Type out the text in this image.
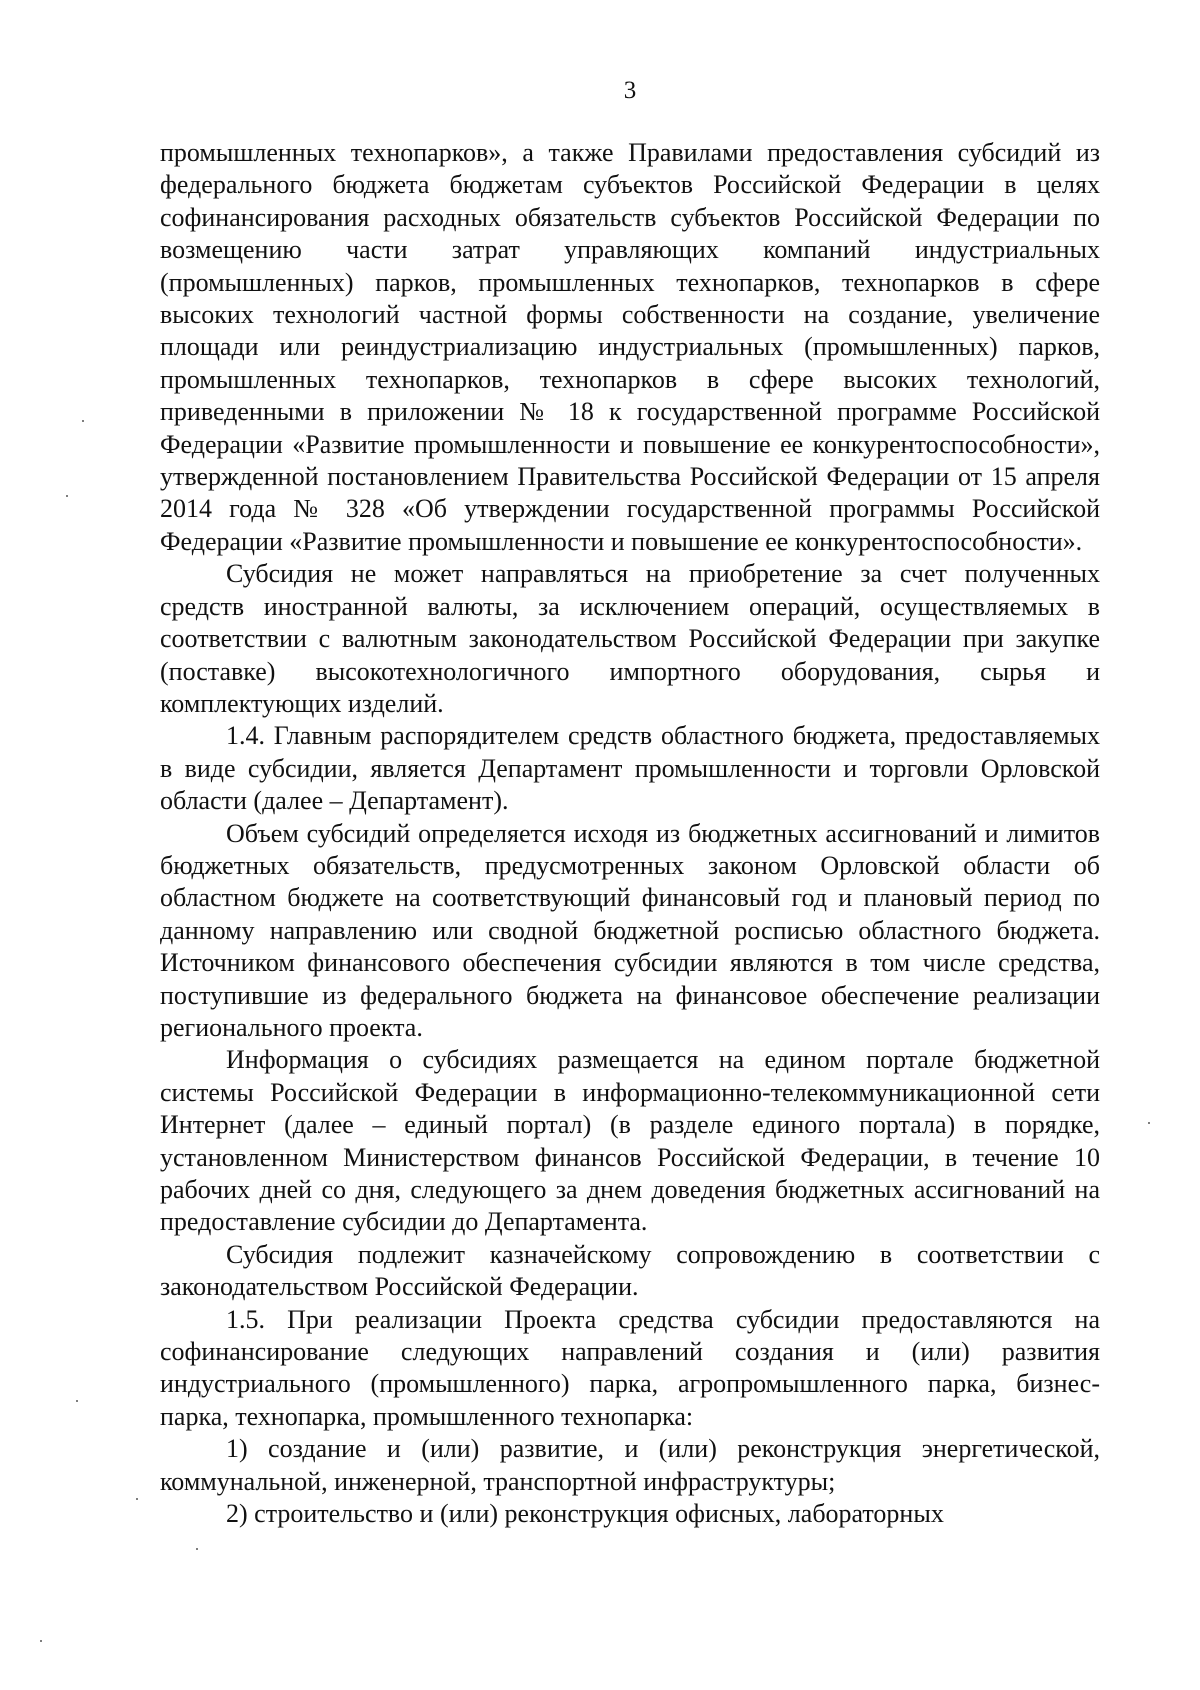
3

промышленных технопарков», а также Правилами предоставления субсидий из федерального бюджета бюджетам субъектов Российской Федерации в целях софинансирования расходных обязательств субъектов Российской Федерации по возмещению части затрат управляющих компаний индустриальных (промышленных) парков, промышленных технопарков, технопарков в сфере высоких технологий частной формы собственности на создание, увеличение площади или реиндустриализацию индустриальных (промышленных) парков, промышленных технопарков, технопарков в сфере высоких технологий, приведенными в приложении № 18 к государственной программе Российской Федерации «Развитие промышленности и повышение ее конкурентоспособности», утвержденной постановлением Правительства Российской Федерации от 15 апреля 2014 года № 328 «Об утверждении государственной программы Российской Федерации «Развитие промышленности и повышение ее конкурентоспособности».

Субсидия не может направляться на приобретение за счет полученных средств иностранной валюты, за исключением операций, осуществляемых в соответствии с валютным законодательством Российской Федерации при закупке (поставке) высокотехнологичного импортного оборудования, сырья и комплектующих изделий.

1.4. Главным распорядителем средств областного бюджета, предоставляемых в виде субсидии, является Департамент промышленности и торговли Орловской области (далее – Департамент).

Объем субсидий определяется исходя из бюджетных ассигнований и лимитов бюджетных обязательств, предусмотренных законом Орловской области об областном бюджете на соответствующий финансовый год и плановый период по данному направлению или сводной бюджетной росписью областного бюджета. Источником финансового обеспечения субсидии являются в том числе средства, поступившие из федерального бюджета на финансовое обеспечение реализации регионального проекта.

Информация о субсидиях размещается на едином портале бюджетной системы Российской Федерации в информационно-телекоммуникационной сети Интернет (далее – единый портал) (в разделе единого портала) в порядке, установленном Министерством финансов Российской Федерации, в течение 10 рабочих дней со дня, следующего за днем доведения бюджетных ассигнований на предоставление субсидии до Департамента.

Субсидия подлежит казначейскому сопровождению в соответствии с законодательством Российской Федерации.

1.5. При реализации Проекта средства субсидии предоставляются на софинансирование следующих направлений создания и (или) развития индустриального (промышленного) парка, агропромышленного парка, бизнес-парка, технопарка, промышленного технопарка:

1) создание и (или) развитие, и (или) реконструкция энергетической, коммунальной, инженерной, транспортной инфраструктуры;

2) строительство и (или) реконструкция офисных, лабораторных
